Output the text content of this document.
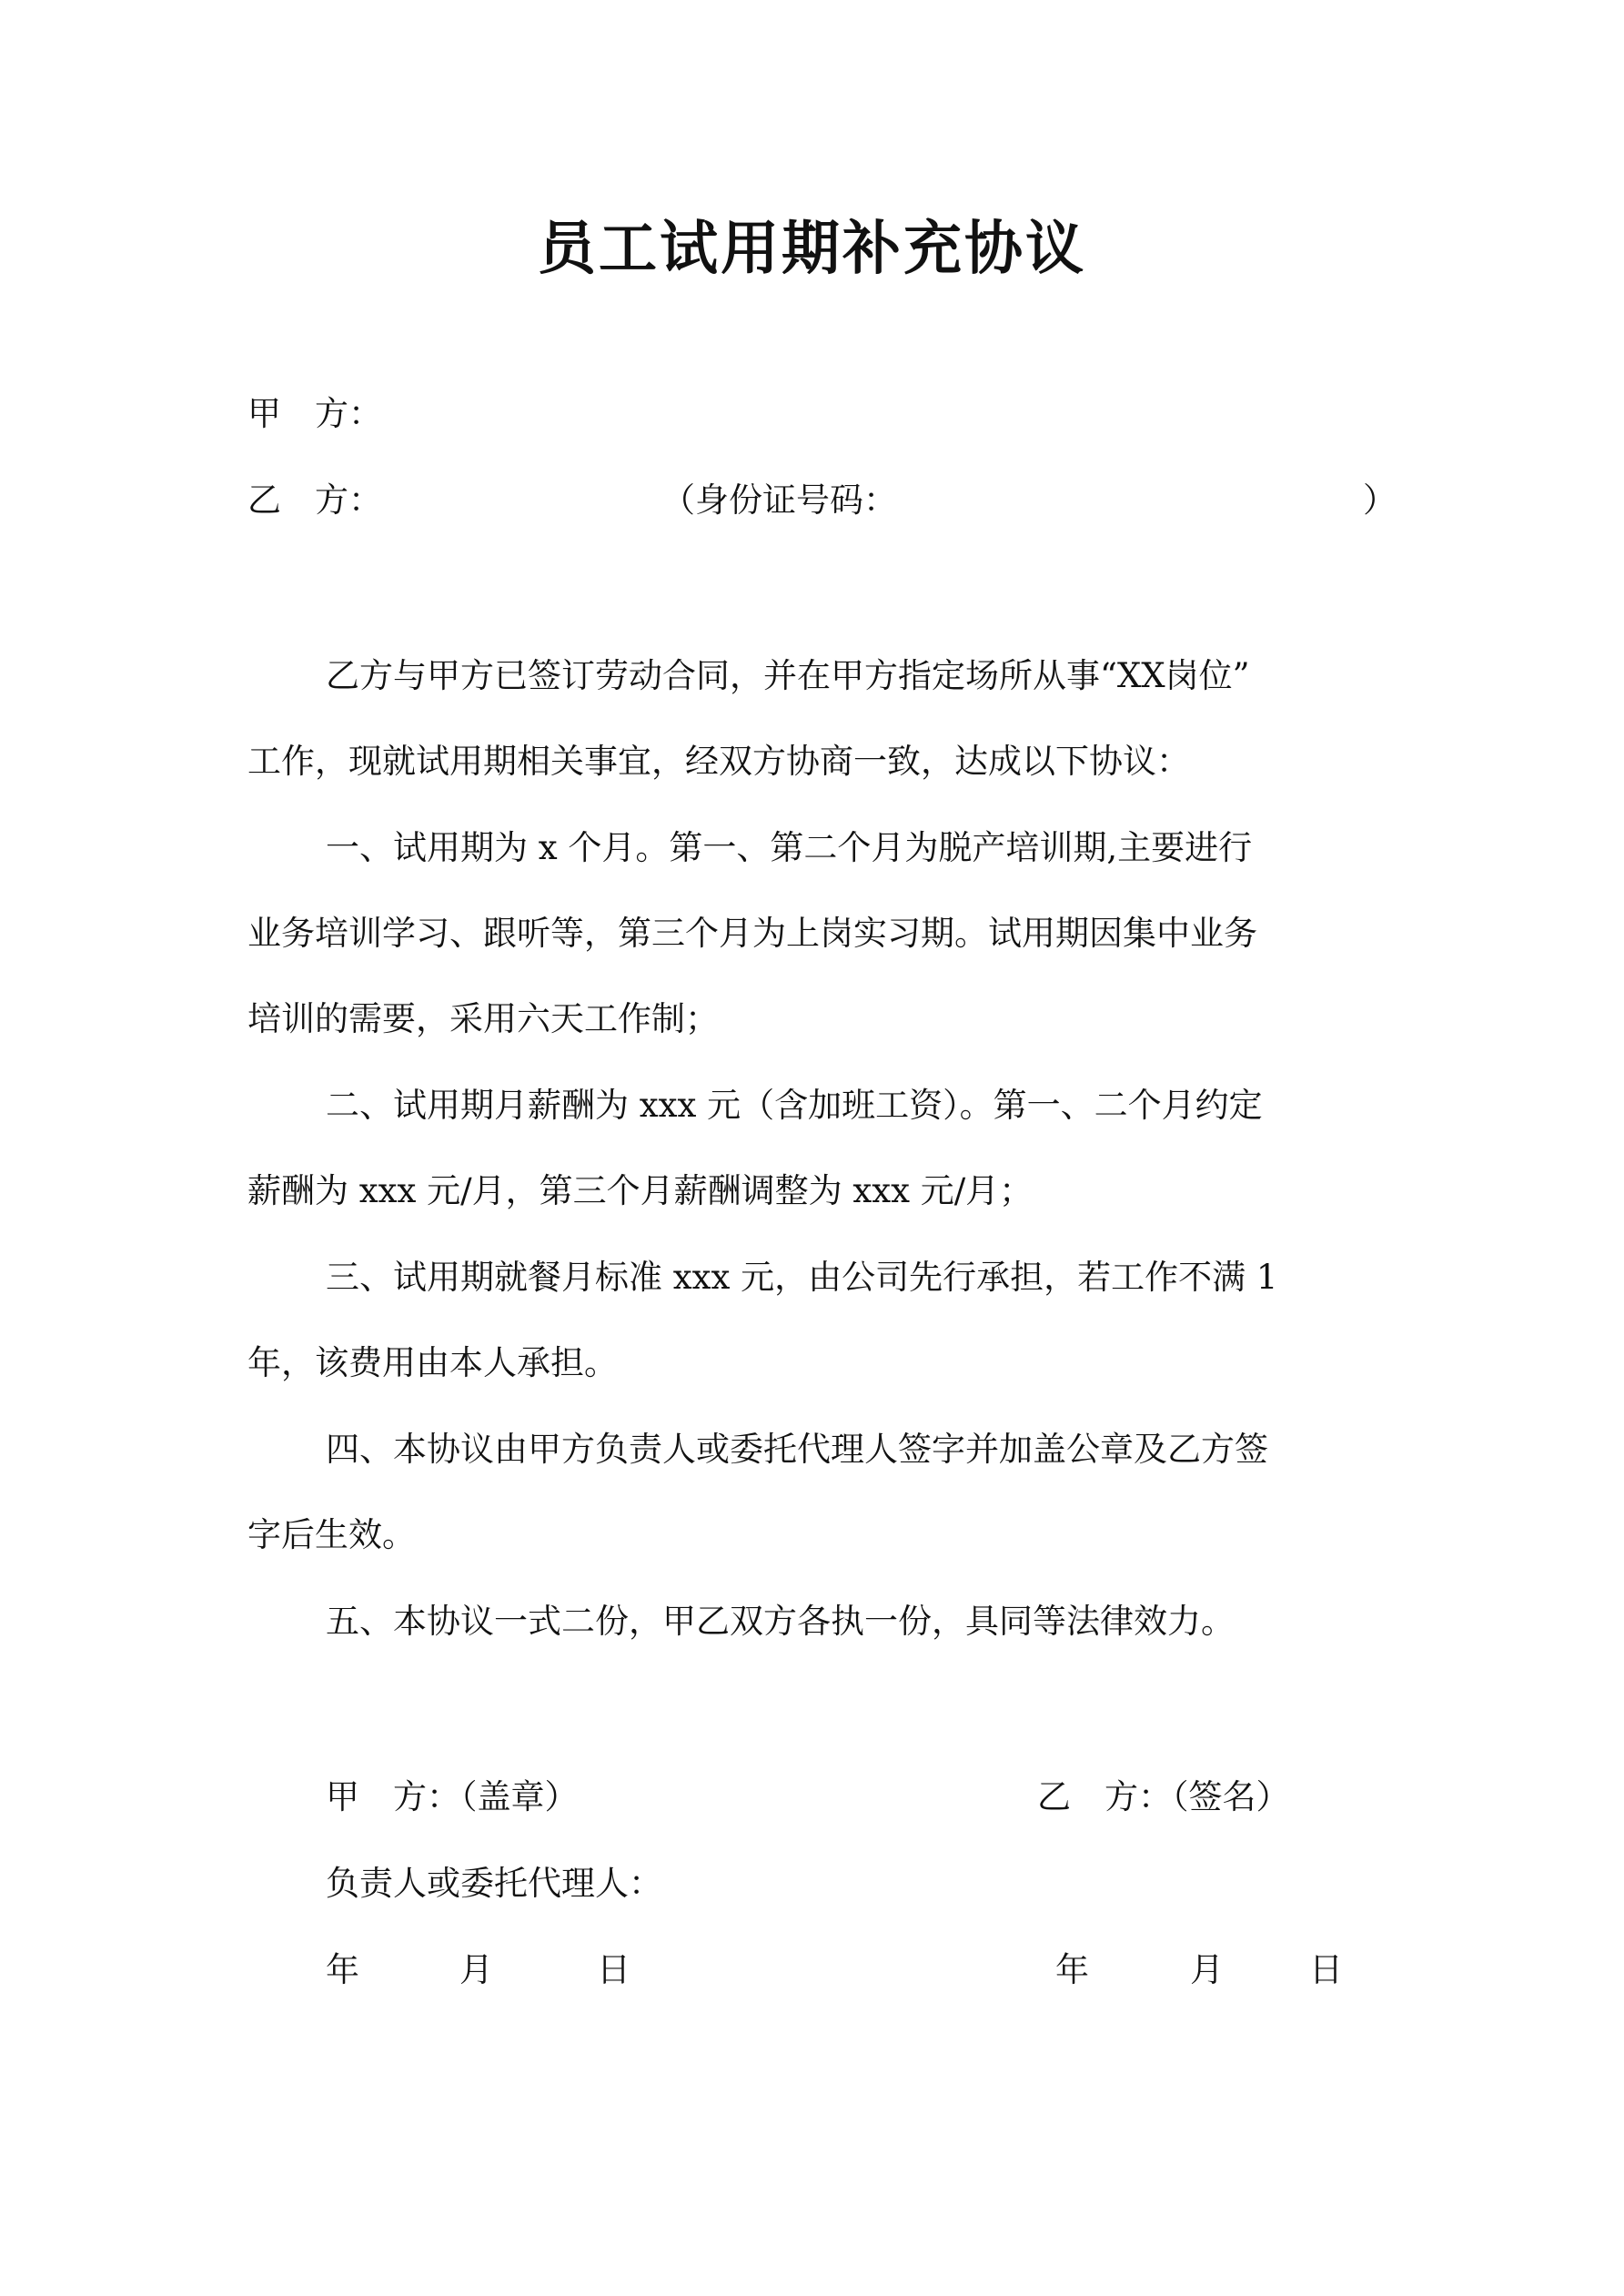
员工试用期补充协议
甲　方：
乙　方：	（身份证号码：	）
乙方与甲方已签订劳动合同，并在甲方指定场所从事“XX岗位”
工作，现就试用期相关事宜，经双方协商一致，达成以下协议：
一、试用期为 x 个月。第一、第二个月为脱产培训期,主要进行
业务培训学习、跟听等，第三个月为上岗实习期。试用期因集中业务
培训的需要，采用六天工作制；
二、试用期月薪酬为 xxx 元（含加班工资）。第一、二个月约定
薪酬为 xxx 元/月，第三个月薪酬调整为 xxx 元/月；
三、试用期就餐月标准 xxx 元，由公司先行承担，若工作不满 1
年，该费用由本人承担。
四、本协议由甲方负责人或委托代理人签字并加盖公章及乙方签
字后生效。
五、本协议一式二份，甲乙双方各执一份，具同等法律效力。
甲　方：（盖章）	乙　方：（签名）
负责人或委托代理人：
年	月	日	年	月	日
